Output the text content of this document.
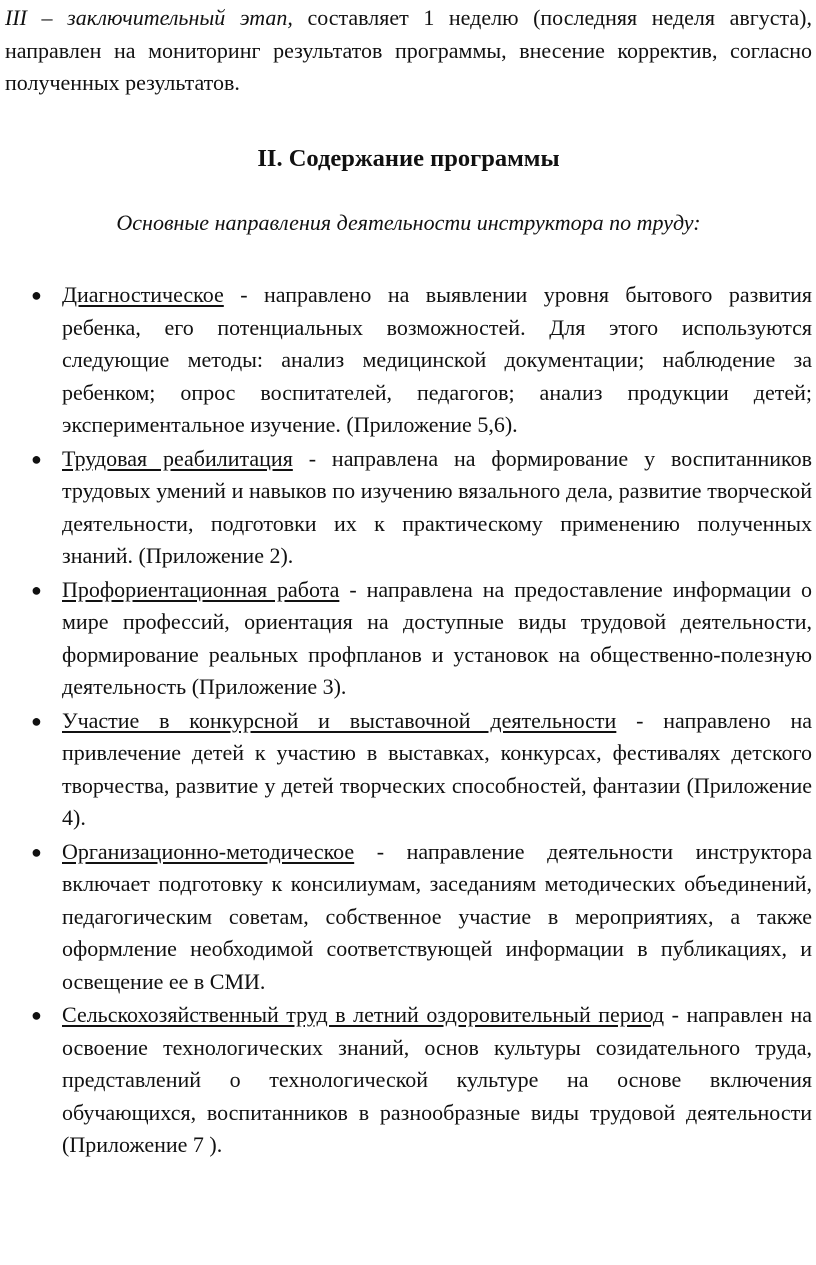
III – заключительный этап, составляет 1 неделю (последняя неделя августа), направлен на мониторинг результатов программы, внесение корректив, согласно полученных результатов.

II. Содержание программы

Основные направления деятельности инструктора по труду:

● Диагностическое - направлено на выявлении уровня бытового развития ребенка, его потенциальных возможностей. Для этого используются следующие методы: анализ медицинской документации; наблюдение за ребенком; опрос воспитателей, педагогов; анализ продукции детей; экспериментальное изучение. (Приложение 5,6).
● Трудовая реабилитация - направлена на формирование у воспитанников трудовых умений и навыков по изучению вязального дела, развитие творческой деятельности, подготовки их к практическому применению полученных знаний. (Приложение 2).
● Профориентационная работа - направлена на предоставление информации о мире профессий, ориентация на доступные виды трудовой деятельности, формирование реальных профпланов и установок на общественно-полезную деятельность (Приложение 3).
● Участие в конкурсной и выставочной деятельности - направлено на привлечение детей к участию в выставках, конкурсах, фестивалях детского творчества, развитие у детей творческих способностей, фантазии (Приложение 4).
● Организационно-методическое - направление деятельности инструктора включает подготовку к консилиумам, заседаниям методических объединений, педагогическим советам, собственное участие в мероприятиях, а также оформление необходимой соответствующей информации в публикациях, и освещение ее в СМИ.
● Сельскохозяйственный труд в летний оздоровительный период - направлен на освоение технологических знаний, основ культуры созидательного труда, представлений о технологической культуре на основе включения обучающихся, воспитанников в разнообразные виды трудовой деятельности (Приложение 7 ).
